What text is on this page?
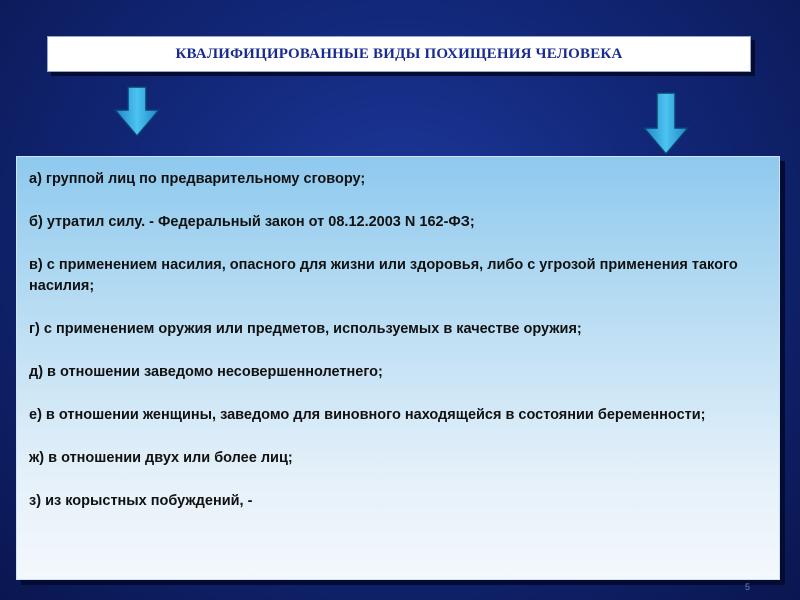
КВАЛИФИЦИРОВАННЫЕ ВИДЫ ПОХИЩЕНИЯ ЧЕЛОВЕКА

а) группой лиц по предварительному сговору;

б) утратил силу. - Федеральный закон от 08.12.2003 N 162-ФЗ;

в) с применением насилия, опасного для жизни или здоровья, либо с угрозой применения такого насилия;

г) с применением оружия или предметов, используемых в качестве оружия;

д) в отношении заведомо несовершеннолетнего;

е) в отношении женщины, заведомо для виновного находящейся в состоянии беременности;

ж) в отношении двух или более лиц;

з) из корыстных побуждений, -

5
